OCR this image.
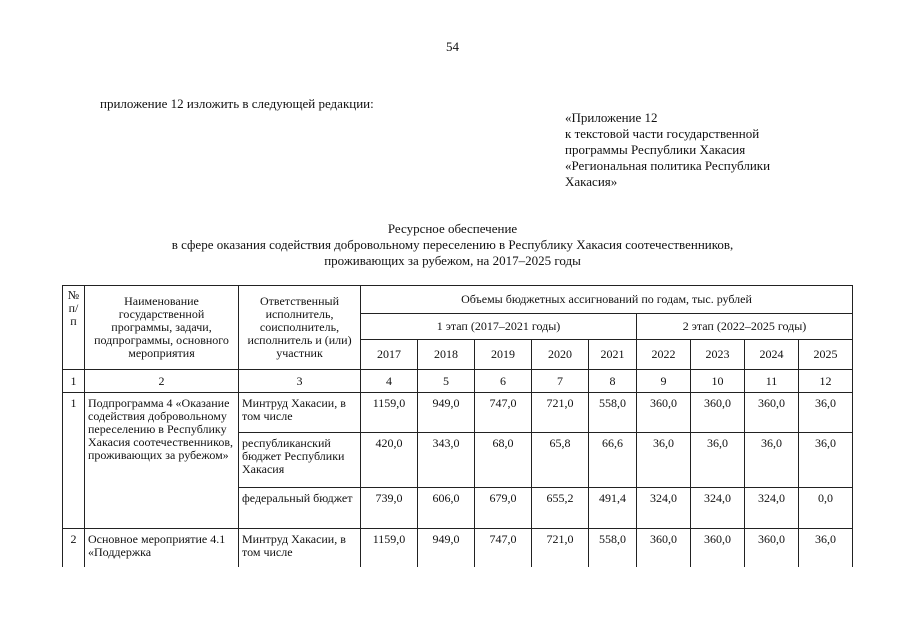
54
приложение 12 изложить в следующей редакции:
«Приложение 12
к текстовой части государственной
программы Республики Хакасия
«Региональная политика Республики
Хакасия»
Ресурсное обеспечение
в сфере оказания содействия добровольному переселению в Республику Хакасия соотечественников,
проживающих за рубежом, на 2017–2025 годы
№ п/п	Наименование государственной программы, задачи, подпрограммы, основного мероприятия	Ответственный исполнитель, соисполнитель, исполнитель и (или) участник	Объемы бюджетных ассигнований по годам, тыс. рублей								
			1 этап (2017–2021 годы)					2 этап (2022–2025 годы)			
			2017	2018	2019	2020	2021	2022	2023	2024	2025
1	2	3	4	5	6	7	8	9	10	11	12
1	Подпрограмма 4 «Оказание содействия добровольному переселению в Республику Хакасия соотечественников, проживающих за рубежом»	Минтруд Хакасии, в том числе	1159,0	949,0	747,0	721,0	558,0	360,0	360,0	360,0	36,0
		республиканский бюджет Республики Хакасия	420,0	343,0	68,0	65,8	66,6	36,0	36,0	36,0	36,0
		федеральный бюджет	739,0	606,0	679,0	655,2	491,4	324,0	324,0	324,0	0,0
2	Основное мероприятие 4.1 «Поддержка	Минтруд Хакасии, в том числе	1159,0	949,0	747,0	721,0	558,0	360,0	360,0	360,0	36,0
